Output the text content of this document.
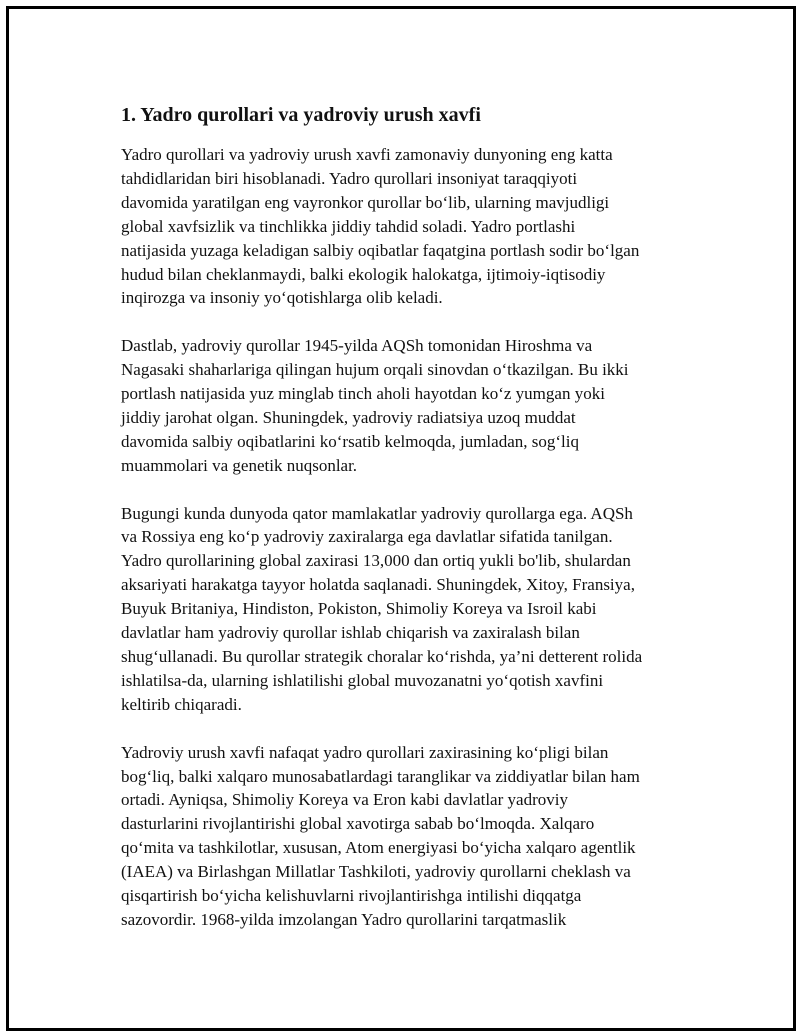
1. Yadro qurollari va yadroviy urush xavfi

Yadro qurollari va yadroviy urush xavfi zamonaviy dunyoning eng katta
tahdidlaridan biri hisoblanadi. Yadro qurollari insoniyat taraqqiyoti
davomida yaratilgan eng vayronkor qurollar bo‘lib, ularning mavjudligi
global xavfsizlik va tinchlikka jiddiy tahdid soladi. Yadro portlashi
natijasida yuzaga keladigan salbiy oqibatlar faqatgina portlash sodir bo‘lgan
hudud bilan cheklanmaydi, balki ekologik halokatga, ijtimoiy-iqtisodiy
inqirozga va insoniy yo‘qotishlarga olib keladi.

Dastlab, yadroviy qurollar 1945-yilda AQSh tomonidan Hiroshma va
Nagasaki shaharlariga qilingan hujum orqali sinovdan o‘tkazilgan. Bu ikki
portlash natijasida yuz minglab tinch aholi hayotdan ko‘z yumgan yoki
jiddiy jarohat olgan. Shuningdek, yadroviy radiatsiya uzoq muddat
davomida salbiy oqibatlarini ko‘rsatib kelmoqda, jumladan, sog‘liq
muammolari va genetik nuqsonlar.

Bugungi kunda dunyoda qator mamlakatlar yadroviy qurollarga ega. AQSh
va Rossiya eng ko‘p yadroviy zaxiralarga ega davlatlar sifatida tanilgan.
Yadro qurollarining global zaxirasi 13,000 dan ortiq yukli bo'lib, shulardan
aksariyati harakatga tayyor holatda saqlanadi. Shuningdek, Xitoy, Fransiya,
Buyuk Britaniya, Hindiston, Pokiston, Shimoliy Koreya va Isroil kabi
davlatlar ham yadroviy qurollar ishlab chiqarish va zaxiralash bilan
shug‘ullanadi. Bu qurollar strategik choralar ko‘rishda, ya’ni detterent rolida
ishlatilsa-da, ularning ishlatilishi global muvozanatni yo‘qotish xavfini
keltirib chiqaradi.

Yadroviy urush xavfi nafaqat yadro qurollari zaxirasining ko‘pligi bilan
bog‘liq, balki xalqaro munosabatlardagi taranglikar va ziddiyatlar bilan ham
ortadi. Ayniqsa, Shimoliy Koreya va Eron kabi davlatlar yadroviy
dasturlarini rivojlantirishi global xavotirga sabab bo‘lmoqda. Xalqaro
qo‘mita va tashkilotlar, xususan, Atom energiyasi bo‘yicha xalqaro agentlik
(IAEA) va Birlashgan Millatlar Tashkiloti, yadroviy qurollarni cheklash va
qisqartirish bo‘yicha kelishuvlarni rivojlantirishga intilishi diqqatga
sazovordir. 1968-yilda imzolangan Yadro qurollarini tarqatmaslik
